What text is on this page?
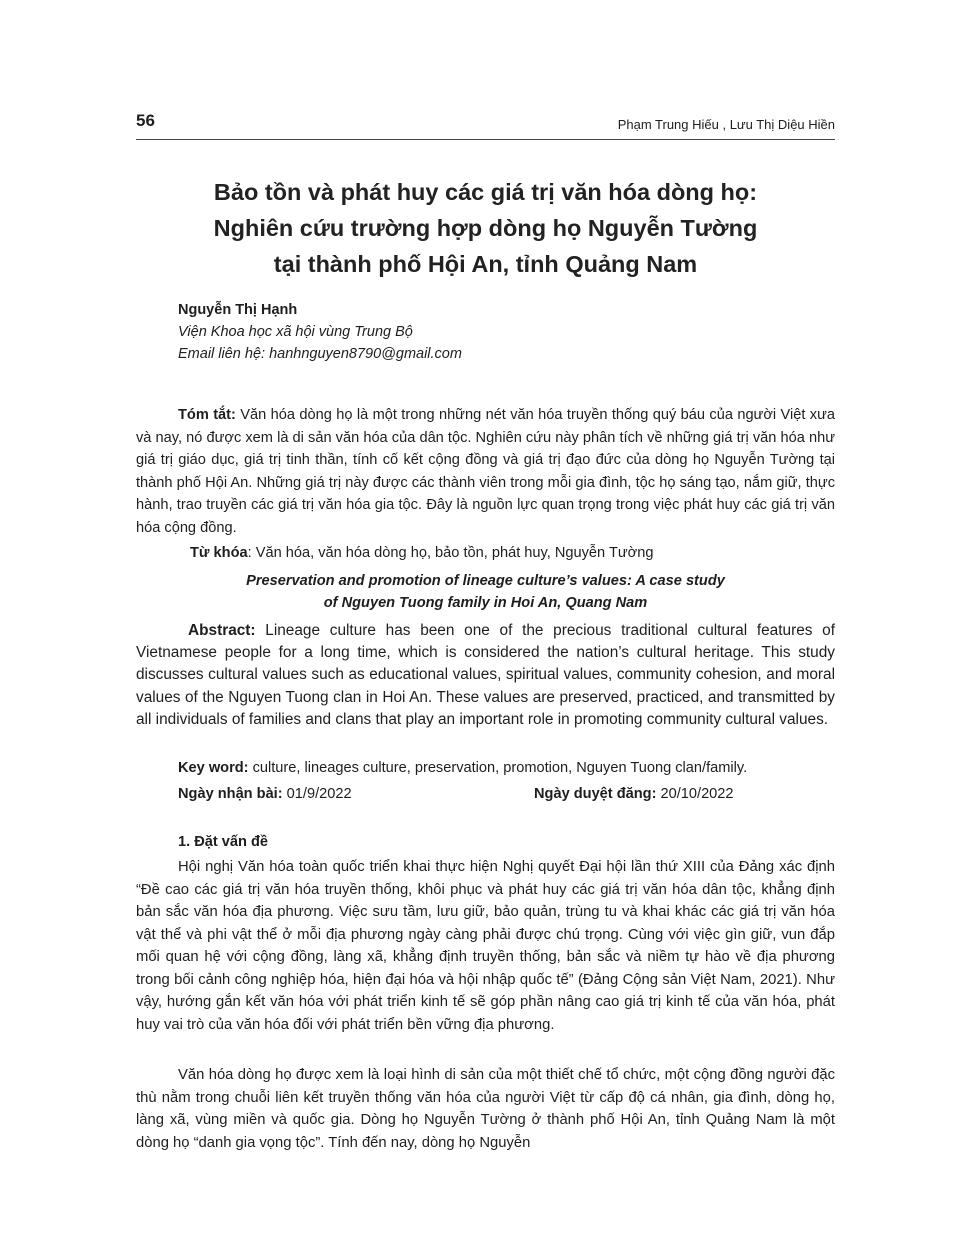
56	Phạm Trung Hiếu , Lưu Thị Diệu Hiền
Bảo tồn và phát huy các giá trị văn hóa dòng họ:
Nghiên cứu trường hợp dòng họ Nguyễn Tường
tại thành phố Hội An, tỉnh Quảng Nam
Nguyễn Thị Hạnh
Viện Khoa học xã hội vùng Trung Bộ
Email liên hệ: hanhnguyen8790@gmail.com

Tóm tắt: Văn hóa dòng họ là một trong những nét văn hóa truyền thống quý báu của người Việt xưa và nay, nó được xem là di sản văn hóa của dân tộc. Nghiên cứu này phân tích về những giá trị văn hóa như giá trị giáo dục, giá trị tinh thần, tính cố kết cộng đồng và giá trị đạo đức của dòng họ Nguyễn Tường tại thành phố Hội An. Những giá trị này được các thành viên trong mỗi gia đình, tộc họ sáng tạo, nắm giữ, thực hành, trao truyền các giá trị văn hóa gia tộc. Đây là nguồn lực quan trọng trong việc phát huy các giá trị văn hóa cộng đồng.

Từ khóa: Văn hóa, văn hóa dòng họ, bảo tồn, phát huy, Nguyễn Tường
Preservation and promotion of lineage culture’s values: A case study
of Nguyen Tuong family in Hoi An, Quang Nam

Abstract: Lineage culture has been one of the precious traditional cultural features of Vietnamese people for a long time, which is considered the nation’s cultural heritage. This study discusses cultural values such as educational values, spiritual values, community cohesion, and moral values of the Nguyen Tuong clan in Hoi An. These values are preserved, practiced, and transmitted by all individuals of families and clans that play an important role in promoting community cultural values.

Key word: culture, lineages culture, preservation, promotion, Nguyen Tuong clan/family.
Ngày nhận bài: 01/9/2022	Ngày duyệt đăng: 20/10/2022
1. Đặt vấn đề

Hội nghị Văn hóa toàn quốc triển khai thực hiện Nghị quyết Đại hội lần thứ XIII của Đảng xác định “Đề cao các giá trị văn hóa truyền thống, khôi phục và phát huy các giá trị văn hóa dân tộc, khẳng định bản sắc văn hóa địa phương. Việc sưu tầm, lưu giữ, bảo quản, trùng tu và khai khác các giá trị văn hóa vật thể và phi vật thể ở mỗi địa phương ngày càng phải được chú trọng. Cùng với việc gìn giữ, vun đắp mối quan hệ với cộng đồng, làng xã, khẳng định truyền thống, bản sắc và niềm tự hào về địa phương trong bối cảnh công nghiệp hóa, hiện đại hóa và hội nhập quốc tế” (Đảng Cộng sản Việt Nam, 2021). Như vậy, hướng gắn kết văn hóa với phát triển kinh tế sẽ góp phần nâng cao giá trị kinh tế của văn hóa, phát huy vai trò của văn hóa đối với phát triển bền vững địa phương.

Văn hóa dòng họ được xem là loại hình di sản của một thiết chế tổ chức, một cộng đồng người đặc thù nằm trong chuỗi liên kết truyền thống văn hóa của người Việt từ cấp độ cá nhân, gia đình, dòng họ, làng xã, vùng miền và quốc gia. Dòng họ Nguyễn Tường ở thành phố Hội An, tỉnh Quảng Nam là một dòng họ “danh gia vọng tộc”. Tính đến nay, dòng họ Nguyễn
